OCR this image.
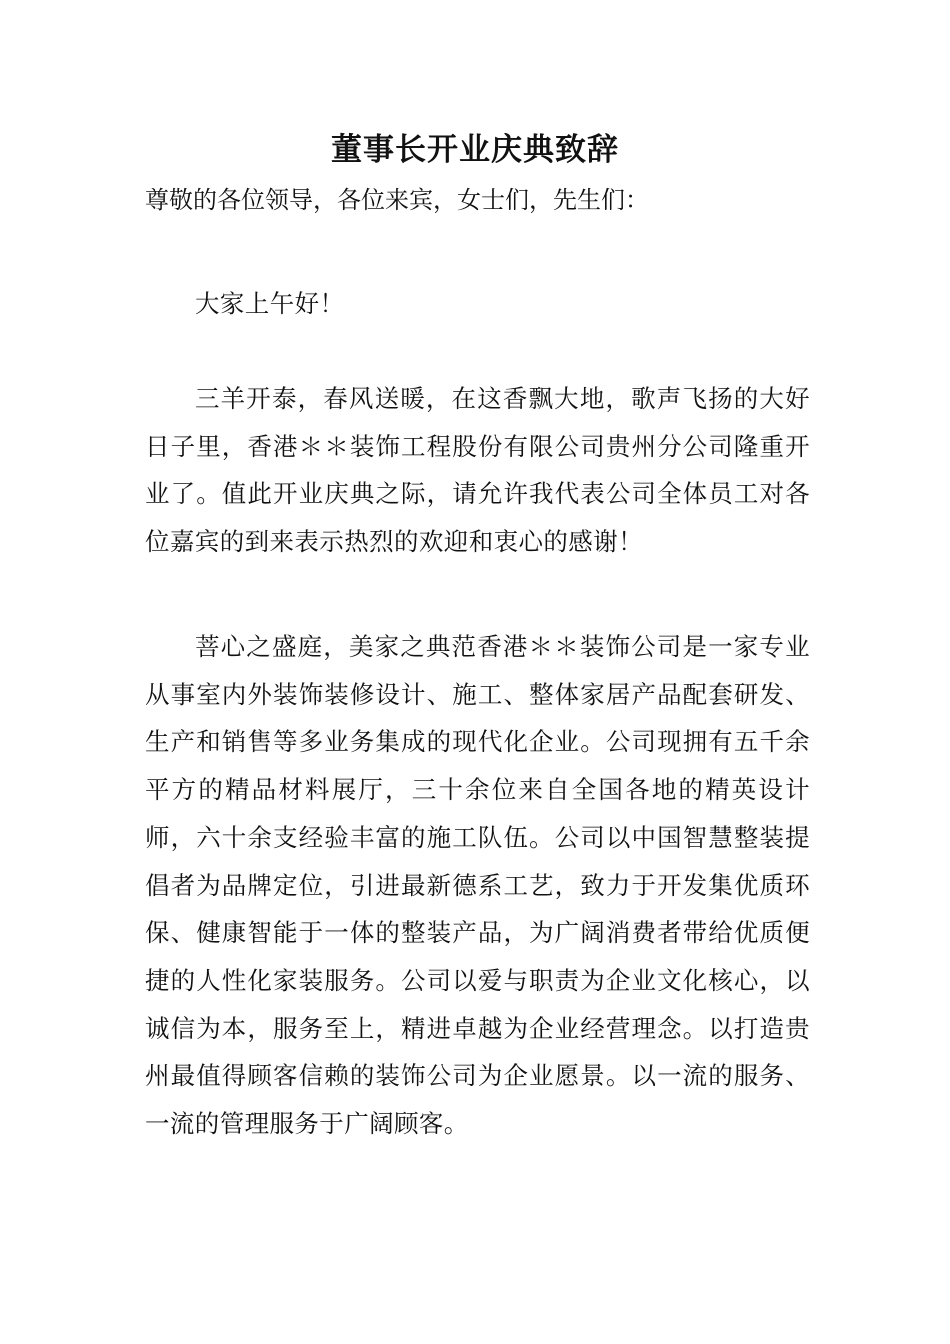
董事长开业庆典致辞
尊敬的各位领导，各位来宾，女士们，先生们：
大家上午好！
三羊开泰，春风送暖，在这香飘大地，歌声飞扬的大好日子里，香港＊＊装饰工程股份有限公司贵州分公司隆重开业了。值此开业庆典之际，请允许我代表公司全体员工对各位嘉宾的到来表示热烈的欢迎和衷心的感谢！
菩心之盛庭，美家之典范香港＊＊装饰公司是一家专业从事室内外装饰装修设计、施工、整体家居产品配套研发、生产和销售等多业务集成的现代化企业。公司现拥有五千余平方的精品材料展厅，三十余位来自全国各地的精英设计师，六十余支经验丰富的施工队伍。公司以中国智慧整装提倡者为品牌定位，引进最新德系工艺，致力于开发集优质环保、健康智能于一体的整装产品，为广阔消费者带给优质便捷的人性化家装服务。公司以爱与职责为企业文化核心，以诚信为本，服务至上，精进卓越为企业经营理念。以打造贵州最值得顾客信赖的装饰公司为企业愿景。以一流的服务、一流的管理服务于广阔顾客。
